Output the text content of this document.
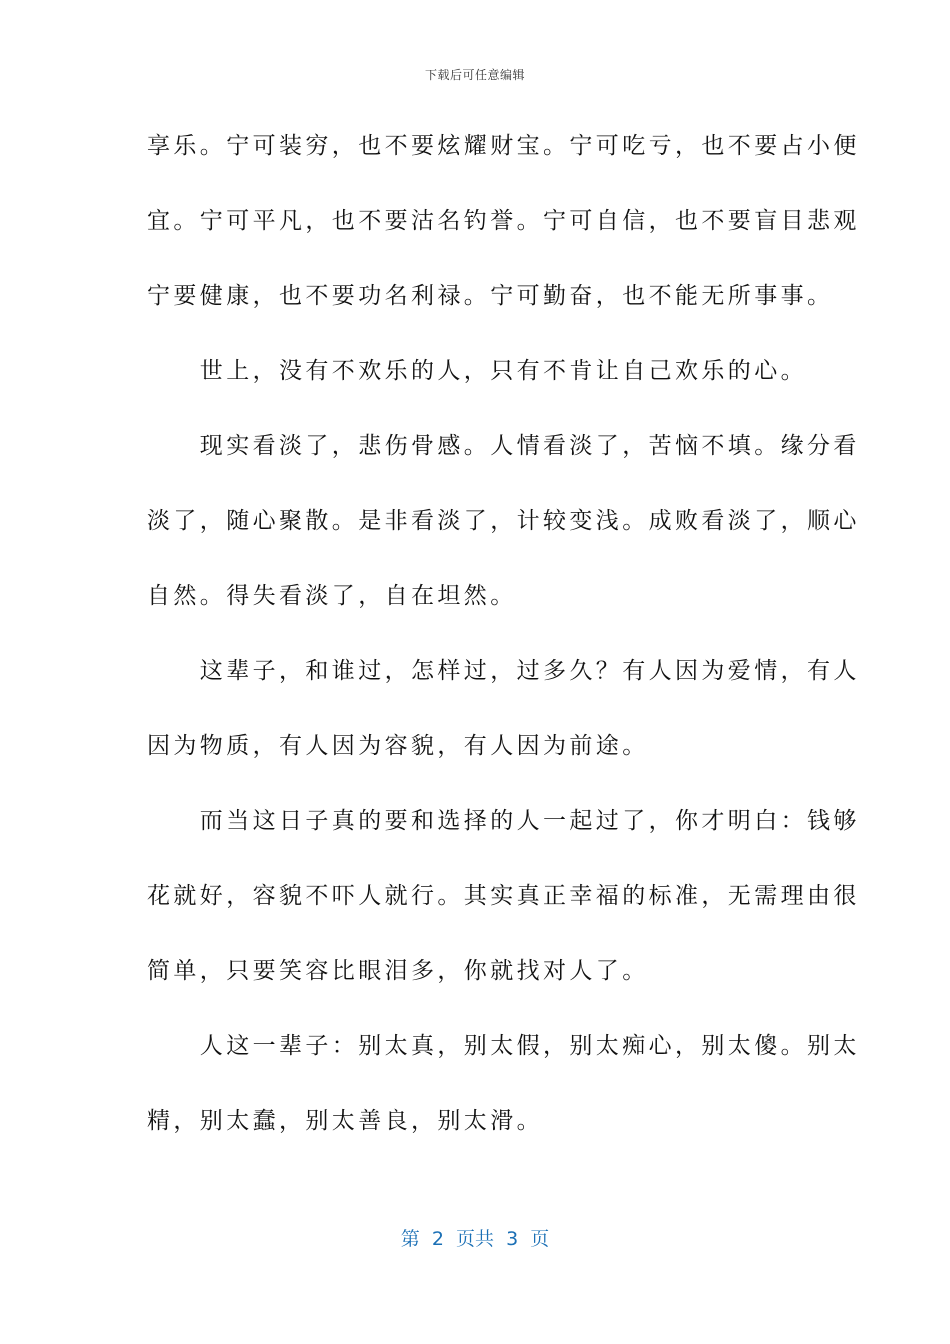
下载后可任意编辑
享乐。宁可装穷，也不要炫耀财宝。宁可吃亏，也不要占小便
宜。宁可平凡，也不要沽名钓誉。宁可自信，也不要盲目悲观
宁要健康，也不要功名利禄。宁可勤奋，也不能无所事事。
　　世上，没有不欢乐的人，只有不肯让自己欢乐的心。
　　现实看淡了，悲伤骨感。人情看淡了，苦恼不填。缘分看
淡了，随心聚散。是非看淡了，计较变浅。成败看淡了，顺心
自然。得失看淡了，自在坦然。
　　这辈子，和谁过，怎样过，过多久？有人因为爱情，有人
因为物质，有人因为容貌，有人因为前途。
　　而当这日子真的要和选择的人一起过了，你才明白：钱够
花就好，容貌不吓人就行。其实真正幸福的标准，无需理由很
简单，只要笑容比眼泪多，你就找对人了。
　　人这一辈子：别太真，别太假，别太痴心，别太傻。别太
精，别太蠢，别太善良，别太滑。
第  2  页共  3  页
